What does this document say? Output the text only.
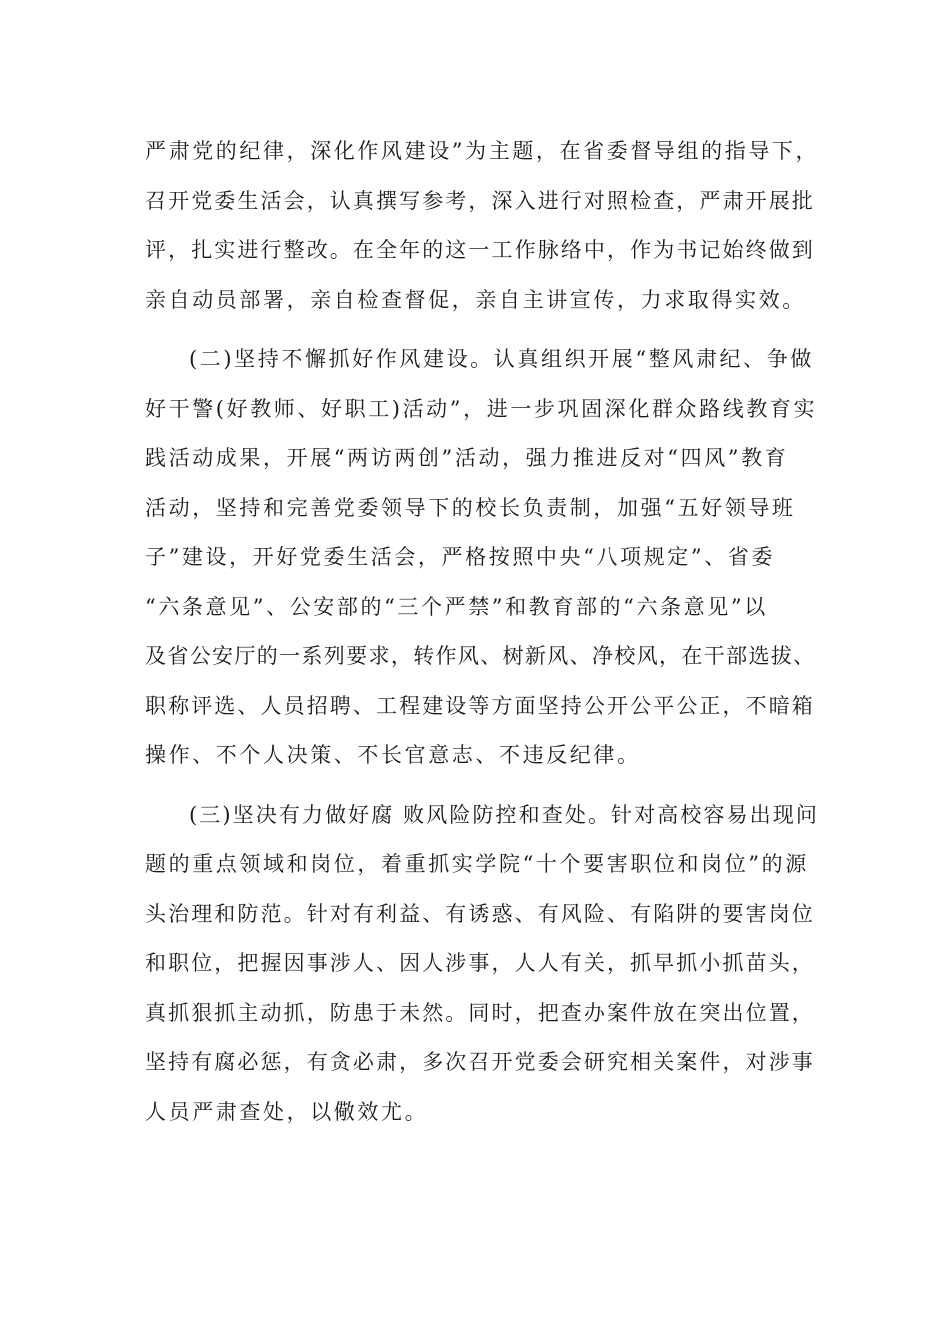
严肃党的纪律，深化作风建设”为主题，在省委督导组的指导下，
召开党委生活会，认真撰写参考，深入进行对照检查，严肃开展批
评，扎实进行整改。在全年的这一工作脉络中，作为书记始终做到
亲自动员部署，亲自检查督促，亲自主讲宣传，力求取得实效。
(二)坚持不懈抓好作风建设。认真组织开展“整风肃纪、争做
好干警(好教师、好职工)活动”，进一步巩固深化群众路线教育实
践活动成果，开展“两访两创”活动，强力推进反对“四风”教育
活动，坚持和完善党委领导下的校长负责制，加强“五好领导班
子”建设，开好党委生活会，严格按照中央“八项规定”、省委
“六条意见”、公安部的“三个严禁”和教育部的“六条意见”以
及省公安厅的一系列要求，转作风、树新风、净校风，在干部选拔、
职称评选、人员招聘、工程建设等方面坚持公开公平公正，不暗箱
操作、不个人决策、不长官意志、不违反纪律。
(三)坚决有力做好腐 败风险防控和查处。针对高校容易出现问
题的重点领域和岗位，着重抓实学院“十个要害职位和岗位”的源
头治理和防范。针对有利益、有诱惑、有风险、有陷阱的要害岗位
和职位，把握因事涉人、因人涉事，人人有关，抓早抓小抓苗头，
真抓狠抓主动抓，防患于未然。同时，把查办案件放在突出位置，
坚持有腐必惩，有贪必肃，多次召开党委会研究相关案件，对涉事
人员严肃查处，以儆效尤。
